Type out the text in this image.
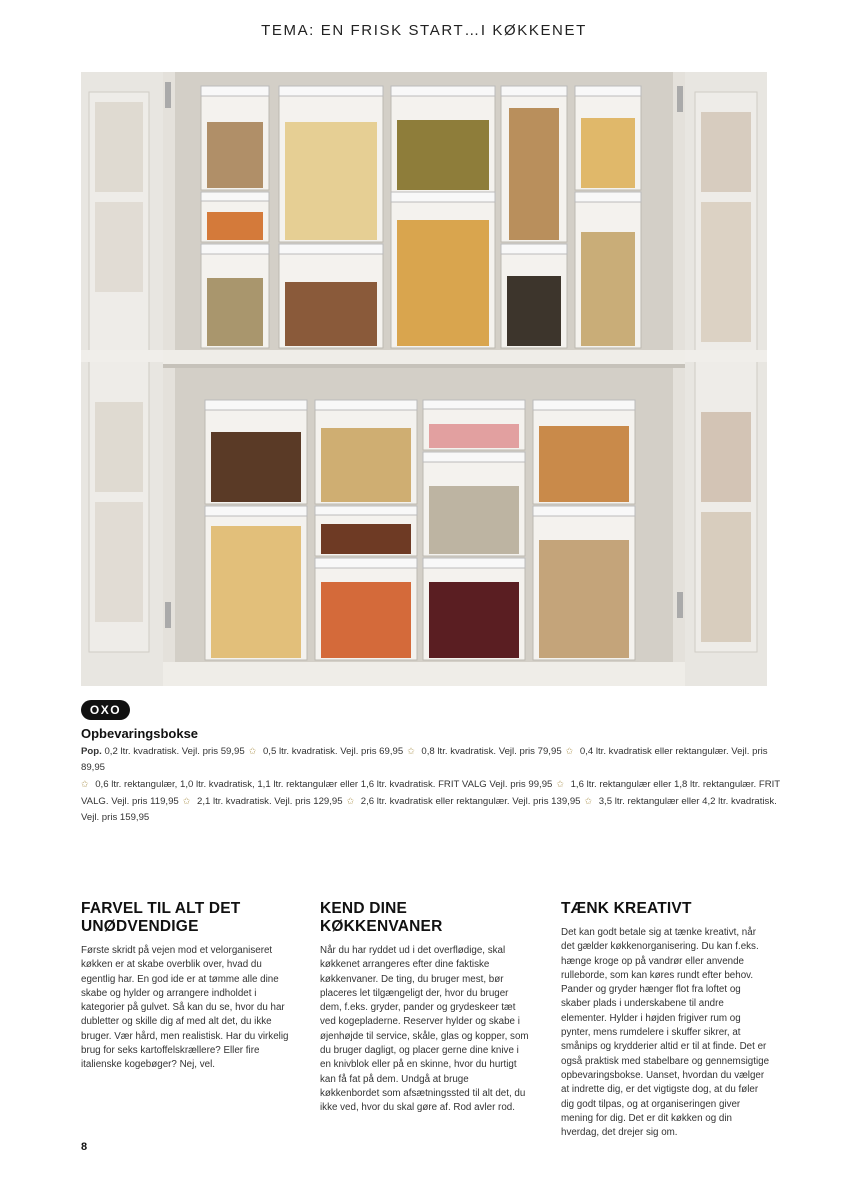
TEMA: EN FRISK START…I KØKKENET
OXO
Opbevaringsbokse
Pop. 0,2 ltr. kvadratisk. Vejl. pris 59,95 ✩ 0,5 ltr. kvadratisk. Vejl. pris 69,95 ✩ 0,8 ltr. kvadratisk. Vejl. pris 79,95 ✩ 0,4 ltr. kvadratisk eller rektangulær. Vejl. pris 89,95
✩ 0,6 ltr. rektangulær, 1,0 ltr. kvadratisk, 1,1 ltr. rektangulær eller 1,6 ltr. kvadratisk. FRIT VALG Vejl. pris 99,95 ✩ 1,6 ltr. rektangulær eller 1,8 ltr. rektangulær. FRIT VALG. Vejl. pris 119,95 ✩ 2,1 ltr. kvadratisk. Vejl. pris 129,95 ✩ 2,6 ltr. kvadratisk eller rektangulær. Vejl. pris 139,95 ✩ 3,5 ltr. rektangulær eller 4,2 ltr. kvadratisk. Vejl. pris 159,95
FARVEL TIL ALT DET UNØDVENDIGE

Første skridt på vejen mod et velorganiseret køkken er at skabe overblik over, hvad du egentlig har. En god ide er at tømme alle dine skabe og hylder og arrangere indholdet i kategorier på gulvet. Så kan du se, hvor du har dubletter og skille dig af med alt det, du ikke bruger. Vær hård, men realistisk. Har du virkelig brug for seks kartoffelskrællere? Eller fire italienske kogebøger? Nej, vel.

KEND DINE KØKKENVANER

Når du har ryddet ud i det overflødige, skal køkkenet arrangeres efter dine faktiske køkkenvaner. De ting, du bruger mest, bør placeres let tilgængeligt der, hvor du bruger dem, f.eks. gryder, pander og grydeskeer tæt ved kogepladerne. Reserver hylder og skabe i øjenhøjde til service, skåle, glas og kopper, som du bruger dagligt, og placer gerne dine knive i en knivblok eller på en skinne, hvor du hurtigt kan få fat på dem. Undgå at bruge køkkenbordet som afsætningssted til alt det, du ikke ved, hvor du skal gøre af. Rod avler rod.

TÆNK KREATIVT

Det kan godt betale sig at tænke kreativt, når det gælder køkkenorganisering. Du kan f.eks. hænge kroge op på vandrør eller anvende rulleborde, som kan køres rundt efter behov. Pander og gryder hænger flot fra loftet og skaber plads i underskabene til andre elementer. Hylder i højden frigiver rum og pynter, mens rumdelere i skuffer sikrer, at smånips og krydderier altid er til at finde. Det er også praktisk med stabelbare og gennemsigtige opbevaringsbokse. Uanset, hvordan du vælger at indrette dig, er det vigtigste dog, at du føler dig godt tilpas, og at organiseringen giver mening for dig. Det er dit køkken og din hverdag, det drejer sig om.

8
